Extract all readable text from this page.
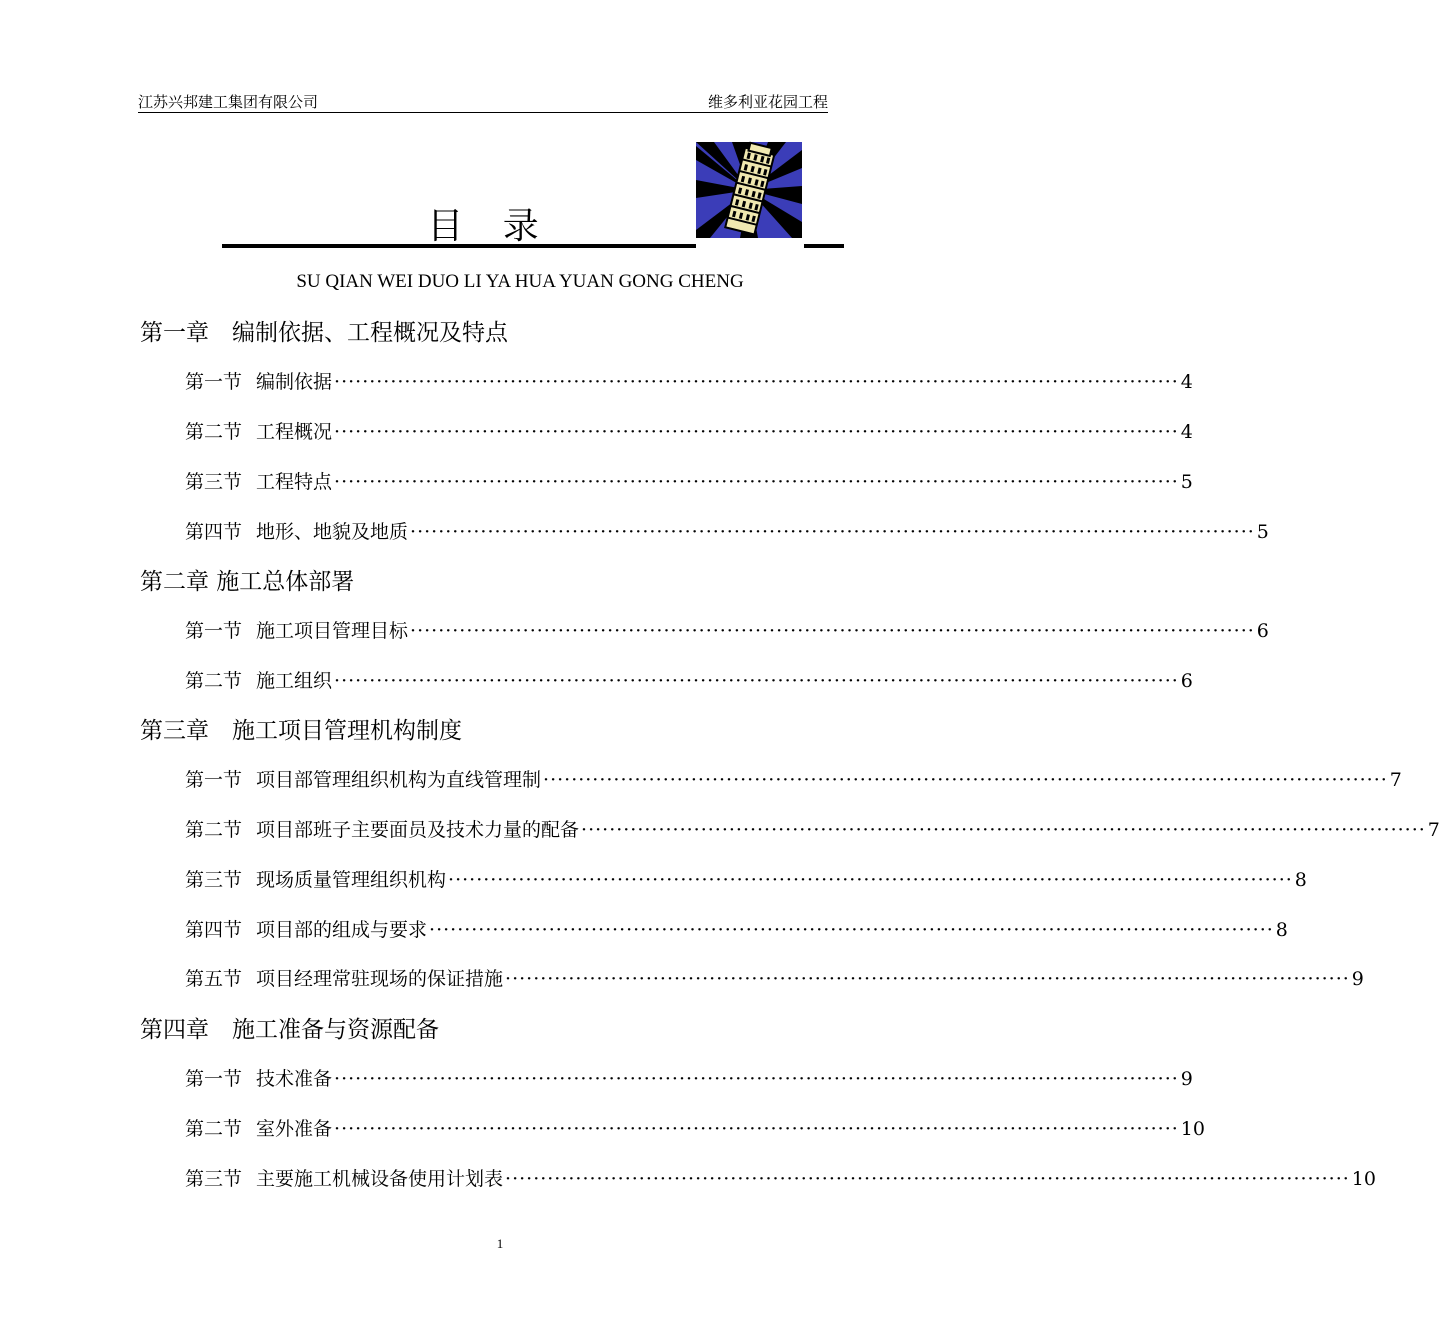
江苏兴邦建工集团有限公司	维多利亚花园工程
目 录
SU QIAN WEI DUO LI YA HUA YUAN GONG CHENG
第一章　编制依据、工程概况及特点
第一节 编制依据 ························································································································ 4
第二节 工程概况 ························································································································ 4
第三节 工程特点 ························································································································ 5
第四节 地形、地貌及地质 ························································································································ 5
第二章 施工总体部署
第一节 施工项目管理目标 ························································································································ 6
第二节 施工组织 ························································································································ 6
第三章　施工项目管理机构制度
第一节 项目部管理组织机构为直线管理制 ························································································································ 7
第二节 项目部班子主要面员及技术力量的配备 ························································································································ 7
第三节 现场质量管理组织机构 ························································································································ 8
第四节 项目部的组成与要求 ························································································································ 8
第五节 项目经理常驻现场的保证措施 ························································································································ 9
第四章　施工准备与资源配备
第一节 技术准备 ························································································································ 9
第二节 室外准备 ························································································································ 10
第三节 主要施工机械设备使用计划表 ························································································································ 10
1
